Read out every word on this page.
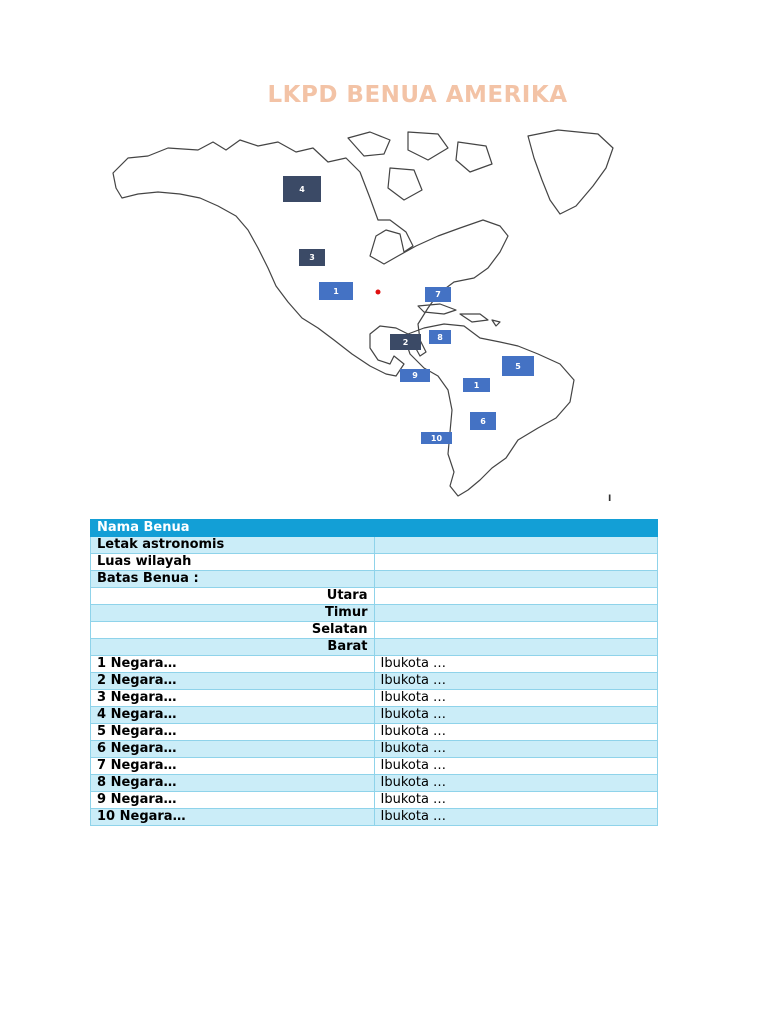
LKPD BENUA AMERIKA
4
3
1	7
8
2
5
9
1
6
10
I
Nama Benua	
Letak astronomis	
Luas wilayah	
Batas Benua :	
Utara	
Timur	
Selatan	
Barat	
1 Negara…	Ibukota …
2 Negara…	Ibukota …
3 Negara…	Ibukota …
4 Negara…	Ibukota …
5 Negara…	Ibukota …
6 Negara…	Ibukota …
7 Negara…	Ibukota …
8 Negara…	Ibukota …
9 Negara…	Ibukota …
10 Negara…	Ibukota …
